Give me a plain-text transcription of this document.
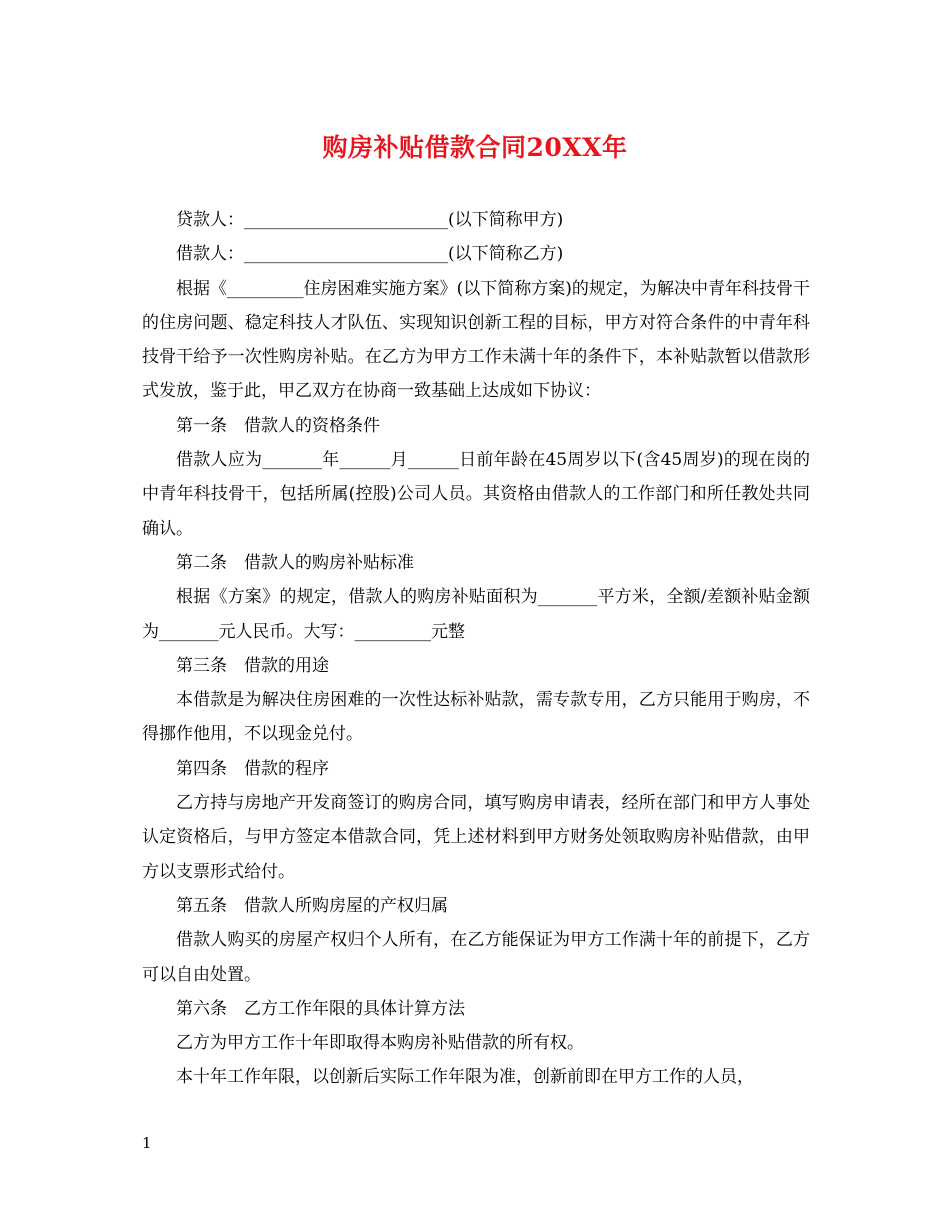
购房补贴借款合同20XX年

贷款人：________________________(以下简称甲方)

借款人：________________________(以下简称乙方)

根据《_________住房困难实施方案》(以下简称方案)的规定，为解决中青年科技骨干的住房问题、稳定科技人才队伍、实现知识创新工程的目标，甲方对符合条件的中青年科技骨干给予一次性购房补贴。在乙方为甲方工作未满十年的条件下，本补贴款暂以借款形式发放，鉴于此，甲乙双方在协商一致基础上达成如下协议：

第一条　借款人的资格条件

借款人应为_______年______月______日前年龄在45周岁以下(含45周岁)的现在岗的中青年科技骨干，包括所属(控股)公司人员。其资格由借款人的工作部门和所任教处共同确认。

第二条　借款人的购房补贴标准

根据《方案》的规定，借款人的购房补贴面积为_______平方米，全额/差额补贴金额为_______元人民币。大写：_________元整

第三条　借款的用途

本借款是为解决住房困难的一次性达标补贴款，需专款专用，乙方只能用于购房，不得挪作他用，不以现金兑付。

第四条　借款的程序

乙方持与房地产开发商签订的购房合同，填写购房申请表，经所在部门和甲方人事处认定资格后，与甲方签定本借款合同，凭上述材料到甲方财务处领取购房补贴借款，由甲方以支票形式给付。

第五条　借款人所购房屋的产权归属

借款人购买的房屋产权归个人所有，在乙方能保证为甲方工作满十年的前提下，乙方可以自由处置。

第六条　乙方工作年限的具体计算方法

乙方为甲方工作十年即取得本购房补贴借款的所有权。

本十年工作年限，以创新后实际工作年限为准，创新前即在甲方工作的人员，

1
